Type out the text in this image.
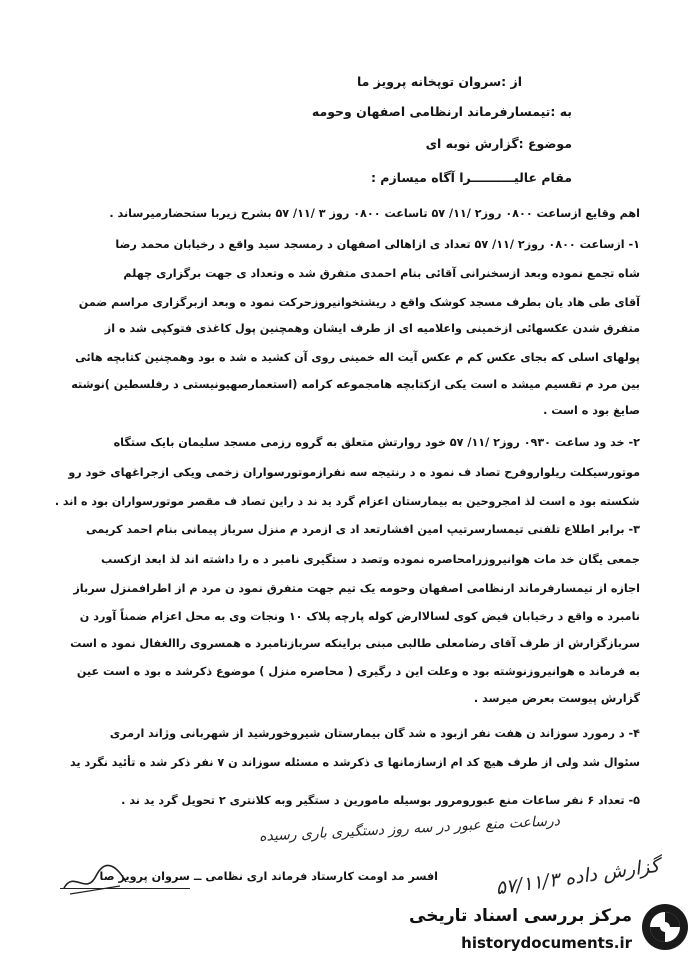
از :سروان توپخانه پرویز ما
به :تیمسارفرماند ارنظامی اصفهان وحومه
موضوع :گزارش نوبه ای
مقام عالیــــــــــرا آگاه میسازم :
اهم وقایع ازساعت ۰۸۰۰ روز۲ /۱۱/ ۵۷ تاساعت ۰۸۰۰ روز ۳ /۱۱/ ۵۷ بشرح زیربا ستحضارمیرساند .
۱- ازساعت ۰۸۰۰ روز۲ /۱۱/ ۵۷ تعداد ی ازاهالی اصفهان د رمسجد سید واقع د رخیابان محمد رضا
شاه تجمع نموده وبعد ازسخنرانی آقائی بنام احمدی متفرق شد ه وتعداد ی جهت برگزاری چهلم
آقای طی هاد یان بطرف مسجد کوشک واقع د ریشتخوانیروزحرکت نمود ه وبعد ازبرگزاری مراسم ضمن
متفرق شدن عکسهائی ازخمینی واعلامیه ای از طرف ایشان وهمچنین پول کاغذی فتوکپی شد ه از
پولهای اسلی که بجای عکس کم م عکس آیت اله خمینی روی آن کشید ه شد ه بود وهمچنین کتابچه هائی
بین مرد م تقسیم میشد ه است یکی ازکتابچه هامجموعه کرامه (استعمارصهیونیستی د رفلسطین )نوشته
صایغ بود ه است .
۲- خد ود ساعت ۰۹۳۰ روز۲ /۱۱/ ۵۷ خود روارتش متعلق به گروه رزمی مسجد سلیمان بایک ستگاه
موتورسیکلت ریلواروفرح تصاد ف نمود ه د رنتیجه سه نفرازموتورسواران زخمی ویکی ازجراغهای خود رو
شکسته بود ه است لذ امجروحین به بیمارستان اعزام گرد ید ند د راین تصاد ف مقصر موتورسواران بود ه اند .
۳- برابر اطلاع تلفنی تیمسارسرتیپ امین افشارتعد اد ی ازمرد م منزل سرباز پیمانی بنام احمد کریمی
جمعی یگان خد مات هوانیروزرامحاصره نموده وتصد د ستگیری نامبر د ه را داشته اند لذ ابعد ازکسب
اجازه از تیمسارفرماند ارنظامی اصفهان وحومه یک تیم جهت متفرق نمود ن مرد م از اطرافمنزل سرباز
نامبرد ه واقع د رخیابان فیض کوی لسالاارض کوله پارچه پلاک ۱۰ ونجات وی به محل اعزام ضمناً آورد ن
سربازگزارش از طرف آقای رضامعلی طالبی مبنی براینکه سربازنامبرد ه همسروی راالغفال نمود ه است
به فرماند ه هوانیروزنوشته بود ه وعلت این د رگیری ( محاصره منزل ) موضوع ذکرشد ه بود ه است عین
گزارش پیوست بعرض میرسد .
۴- د رمورد سوزاند ن هفت نفر ازبود ه شد گان بیمارستان شیروخورشید از شهربانی وژاند ارمری
سئوال شد ولی از طرف هیچ کد ام ازسازمانها ی ذکرشد ه مسئله سوزاند ن ۷ نفر ذکر شد ه تأئید نگرد ید
۵- تعداد ۶ نفر ساعات منع عبورومرور بوسیله مامورین د ستگیر وبه کلانتری ۲ تحویل گرد ید ند .
درساعت منع عبور در سه روز دستگیری باری رسیده
افسر مد اومت کارستاد فرماند اری نظامی ــ سروان پرویز صا	گزارش داده ۵۷/۱۱/۳
مرکز بررسی اسناد تاریخی
historydocuments.ir
